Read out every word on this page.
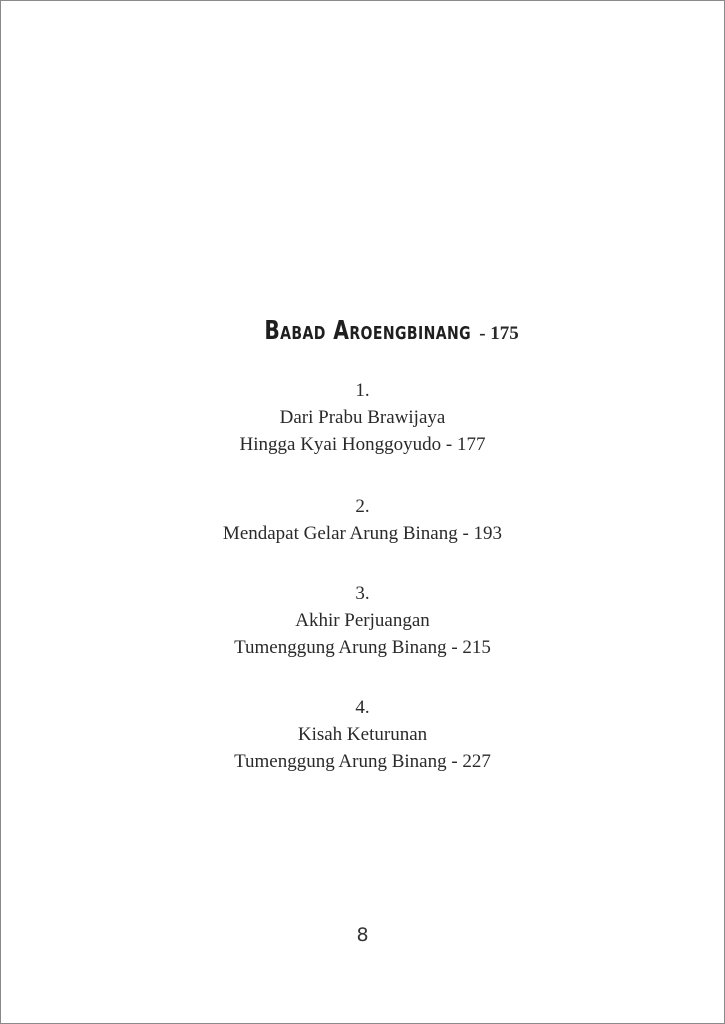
Babad Aroengbinang - 175
1.
Dari Prabu Brawijaya
Hingga Kyai Honggoyudo - 177
2.
Mendapat Gelar Arung Binang - 193
3.
Akhir Perjuangan
Tumenggung Arung Binang - 215
4.
Kisah Keturunan
Tumenggung Arung Binang - 227
8
